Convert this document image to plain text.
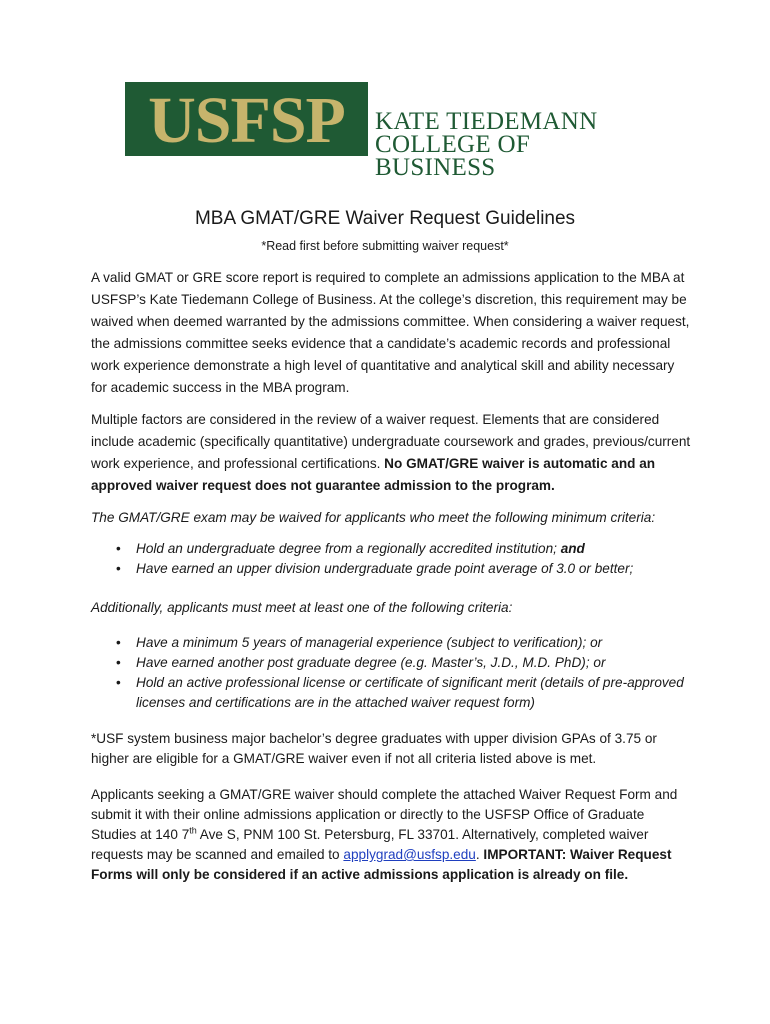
USFSP KATE TIEDEMANN
COLLEGE OF BUSINESS
MBA GMAT/GRE Waiver Request Guidelines
*Read first before submitting waiver request*

A valid GMAT or GRE score report is required to complete an admissions application to the MBA at USFSP’s Kate Tiedemann College of Business. At the college’s discretion, this requirement may be waived when deemed warranted by the admissions committee. When considering a waiver request, the admissions committee seeks evidence that a candidate’s academic records and professional work experience demonstrate a high level of quantitative and analytical skill and ability necessary for academic success in the MBA program.

Multiple factors are considered in the review of a waiver request. Elements that are considered include academic (specifically quantitative) undergraduate coursework and grades, previous/current work experience, and professional certifications. No GMAT/GRE waiver is automatic and an approved waiver request does not guarantee admission to the program.

The GMAT/GRE exam may be waived for applicants who meet the following minimum criteria:

• Hold an undergraduate degree from a regionally accredited institution; and
• Have earned an upper division undergraduate grade point average of 3.0 or better;

Additionally, applicants must meet at least one of the following criteria:

• Have a minimum 5 years of managerial experience (subject to verification); or
• Have earned another post graduate degree (e.g. Master’s, J.D., M.D. PhD); or
• Hold an active professional license or certificate of significant merit (details of pre-approved licenses and certifications are in the attached waiver request form)

*USF system business major bachelor’s degree graduates with upper division GPAs of 3.75 or higher are eligible for a GMAT/GRE waiver even if not all criteria listed above is met.

Applicants seeking a GMAT/GRE waiver should complete the attached Waiver Request Form and submit it with their online admissions application or directly to the USFSP Office of Graduate Studies at 140 7th Ave S, PNM 100 St. Petersburg, FL 33701. Alternatively, completed waiver requests may be scanned and emailed to applygrad@usfsp.edu. IMPORTANT: Waiver Request Forms will only be considered if an active admissions application is already on file.
